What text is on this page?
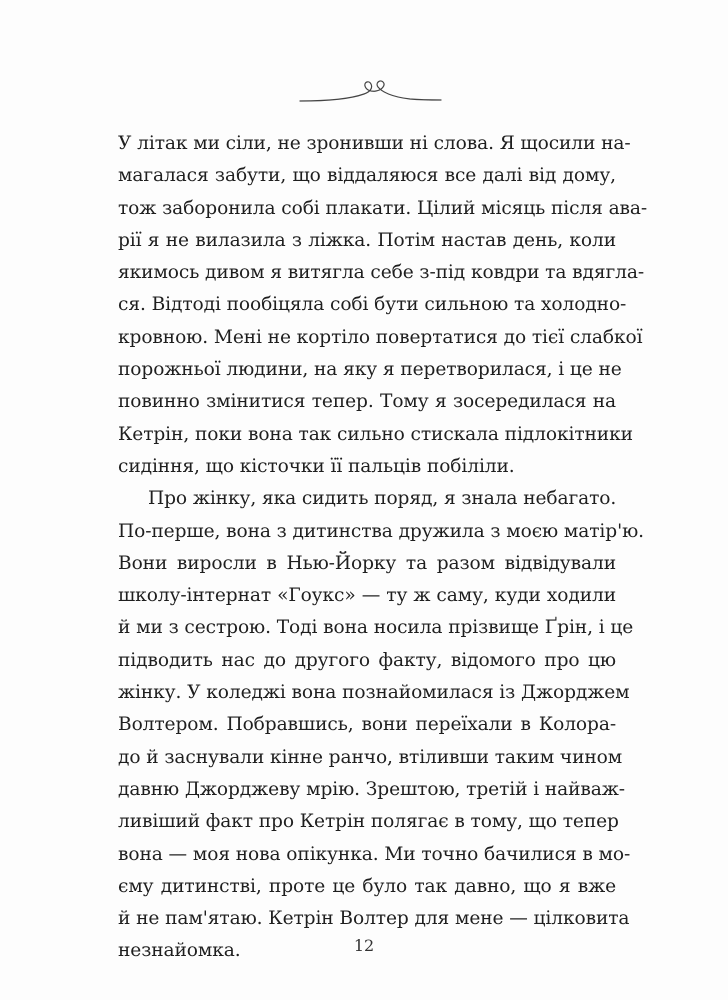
У літак ми сіли, не зронивши ні слова. Я щосили на-
магалася забути, що віддаляюся все далі від дому,
тож заборонила собі плакати. Цілий місяць після ава-
рії я не вилазила з ліжка. Потім настав день, коли
якимось дивом я витягла себе з-під ковдри та вдягла-
ся. Відтоді пообіцяла собі бути сильною та холодно-
кровною. Мені не кортіло повертатися до тієї слабкої
порожньої людини, на яку я перетворилася, і це не
повинно змінитися тепер. Тому я зосередилася на
Кетрін, поки вона так сильно стискала підлокітники
сидіння, що кісточки її пальців побіліли.
Про жінку, яка сидить поряд, я знала небагато.
По-перше, вона з дитинства дружила з моєю матір'ю.
Вони виросли в Нью-Йорку та разом відвідували
школу-інтернат «Гоукс» — ту ж саму, куди ходили
й ми з сестрою. Тоді вона носила прізвище Ґрін, і це
підводить нас до другого факту, відомого про цю
жінку. У коледжі вона познайомилася із Джорджем
Волтером. Побравшись, вони переїхали в Колора-
до й заснували кінне ранчо, втіливши таким чином
давню Джорджеву мрію. Зрештою, третій і найваж-
ливіший факт про Кетрін полягає в тому, що тепер
вона — моя нова опікунка. Ми точно бачилися в мо-
єму дитинстві, проте це було так давно, що я вже
й не пам'ятаю. Кетрін Волтер для мене — цілковита
незнайомка.	12
